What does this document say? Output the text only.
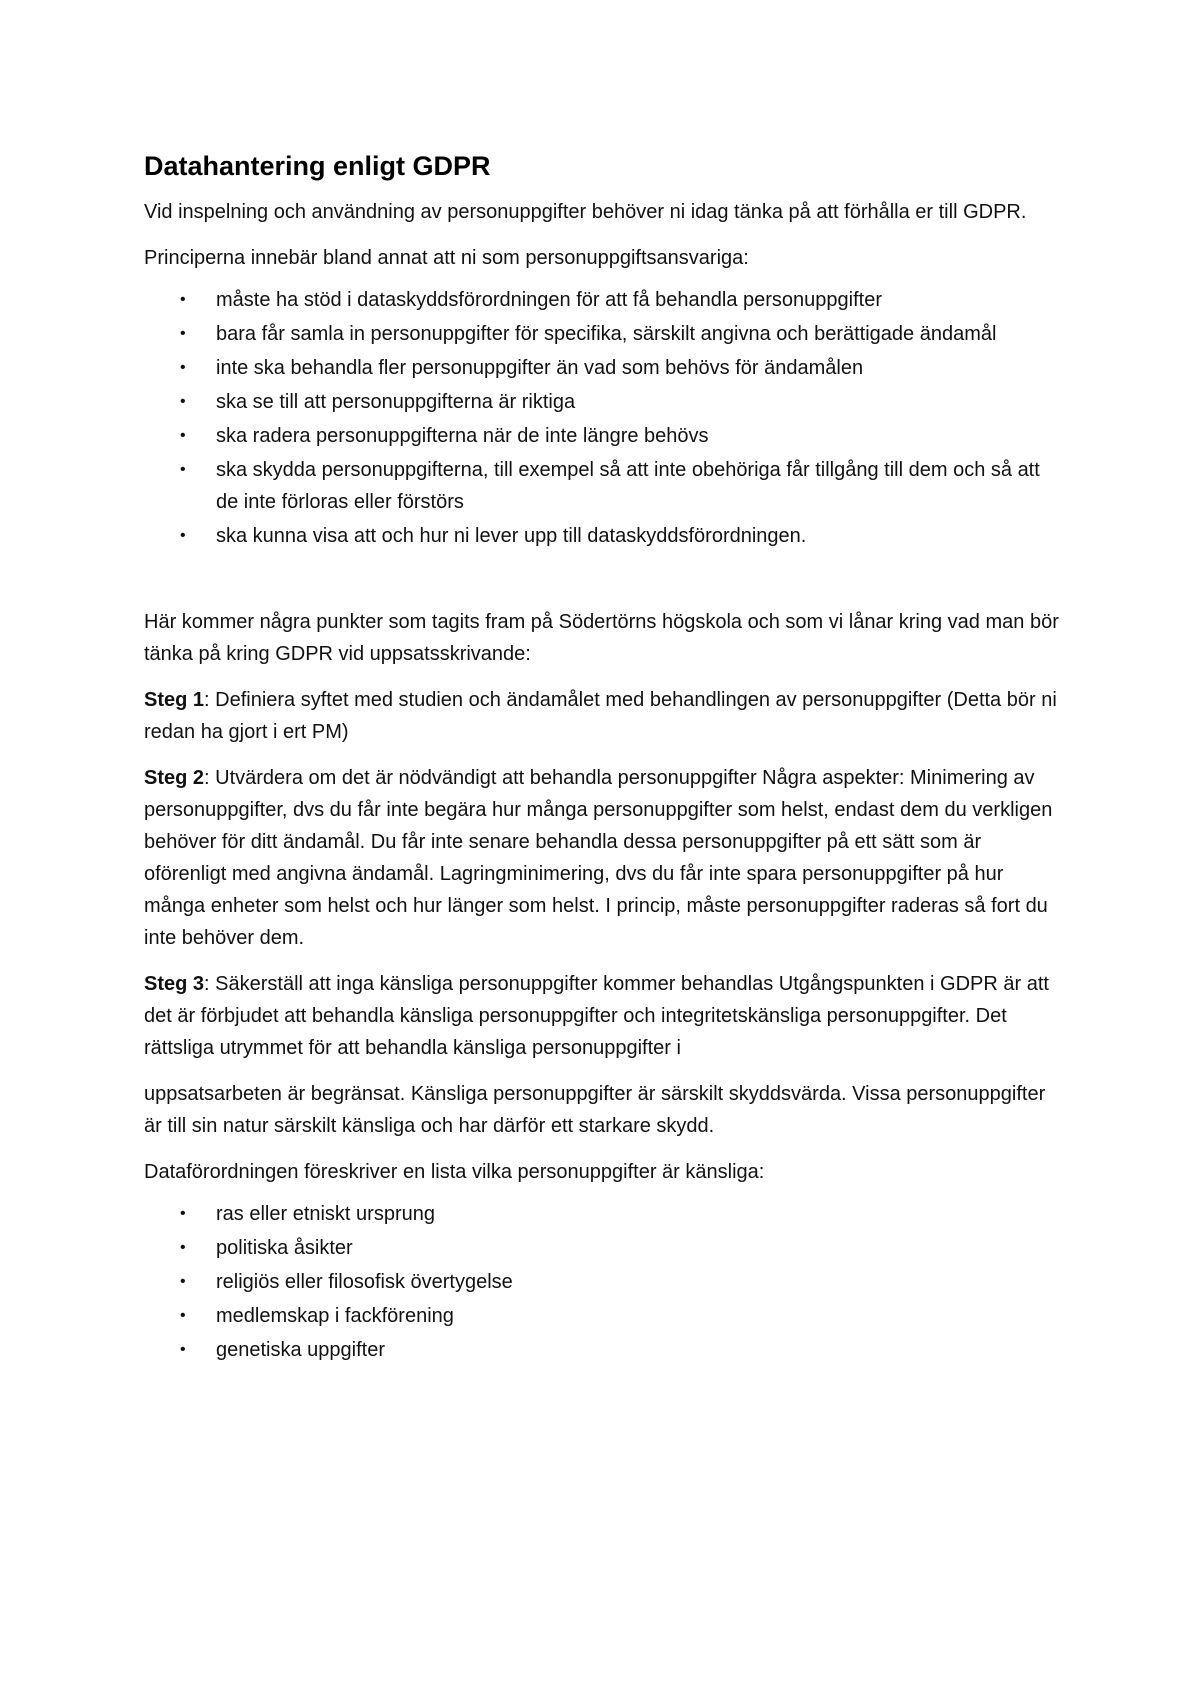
Datahantering enligt GDPR

Vid inspelning och användning av personuppgifter behöver ni idag tänka på att förhålla er till GDPR.

Principerna innebär bland annat att ni som personuppgiftsansvariga:

• måste ha stöd i dataskyddsförordningen för att få behandla personuppgifter
• bara får samla in personuppgifter för specifika, särskilt angivna och berättigade ändamål
• inte ska behandla fler personuppgifter än vad som behövs för ändamålen
• ska se till att personuppgifterna är riktiga
• ska radera personuppgifterna när de inte längre behövs
• ska skydda personuppgifterna, till exempel så att inte obehöriga får tillgång till dem och så att de inte förloras eller förstörs
• ska kunna visa att och hur ni lever upp till dataskyddsförordningen.

Här kommer några punkter som tagits fram på Södertörns högskola och som vi lånar kring vad man bör tänka på kring GDPR vid uppsatsskrivande:

Steg 1: Definiera syftet med studien och ändamålet med behandlingen av personuppgifter (Detta bör ni redan ha gjort i ert PM)

Steg 2: Utvärdera om det är nödvändigt att behandla personuppgifter Några aspekter: Minimering av personuppgifter, dvs du får inte begära hur många personuppgifter som helst, endast dem du verkligen behöver för ditt ändamål. Du får inte senare behandla dessa personuppgifter på ett sätt som är oförenligt med angivna ändamål. Lagringminimering, dvs du får inte spara personuppgifter på hur många enheter som helst och hur länger som helst. I princip, måste personuppgifter raderas så fort du inte behöver dem.

Steg 3: Säkerställ att inga känsliga personuppgifter kommer behandlas Utgångspunkten i GDPR är att det är förbjudet att behandla känsliga personuppgifter och integritetskänsliga personuppgifter. Det rättsliga utrymmet för att behandla känsliga personuppgifter i

uppsatsarbeten är begränsat. Känsliga personuppgifter är särskilt skyddsvärda. Vissa personuppgifter är till sin natur särskilt känsliga och har därför ett starkare skydd.

Dataförordningen föreskriver en lista vilka personuppgifter är känsliga:

• ras eller etniskt ursprung
• politiska åsikter
• religiös eller filosofisk övertygelse
• medlemskap i fackförening
• genetiska uppgifter
